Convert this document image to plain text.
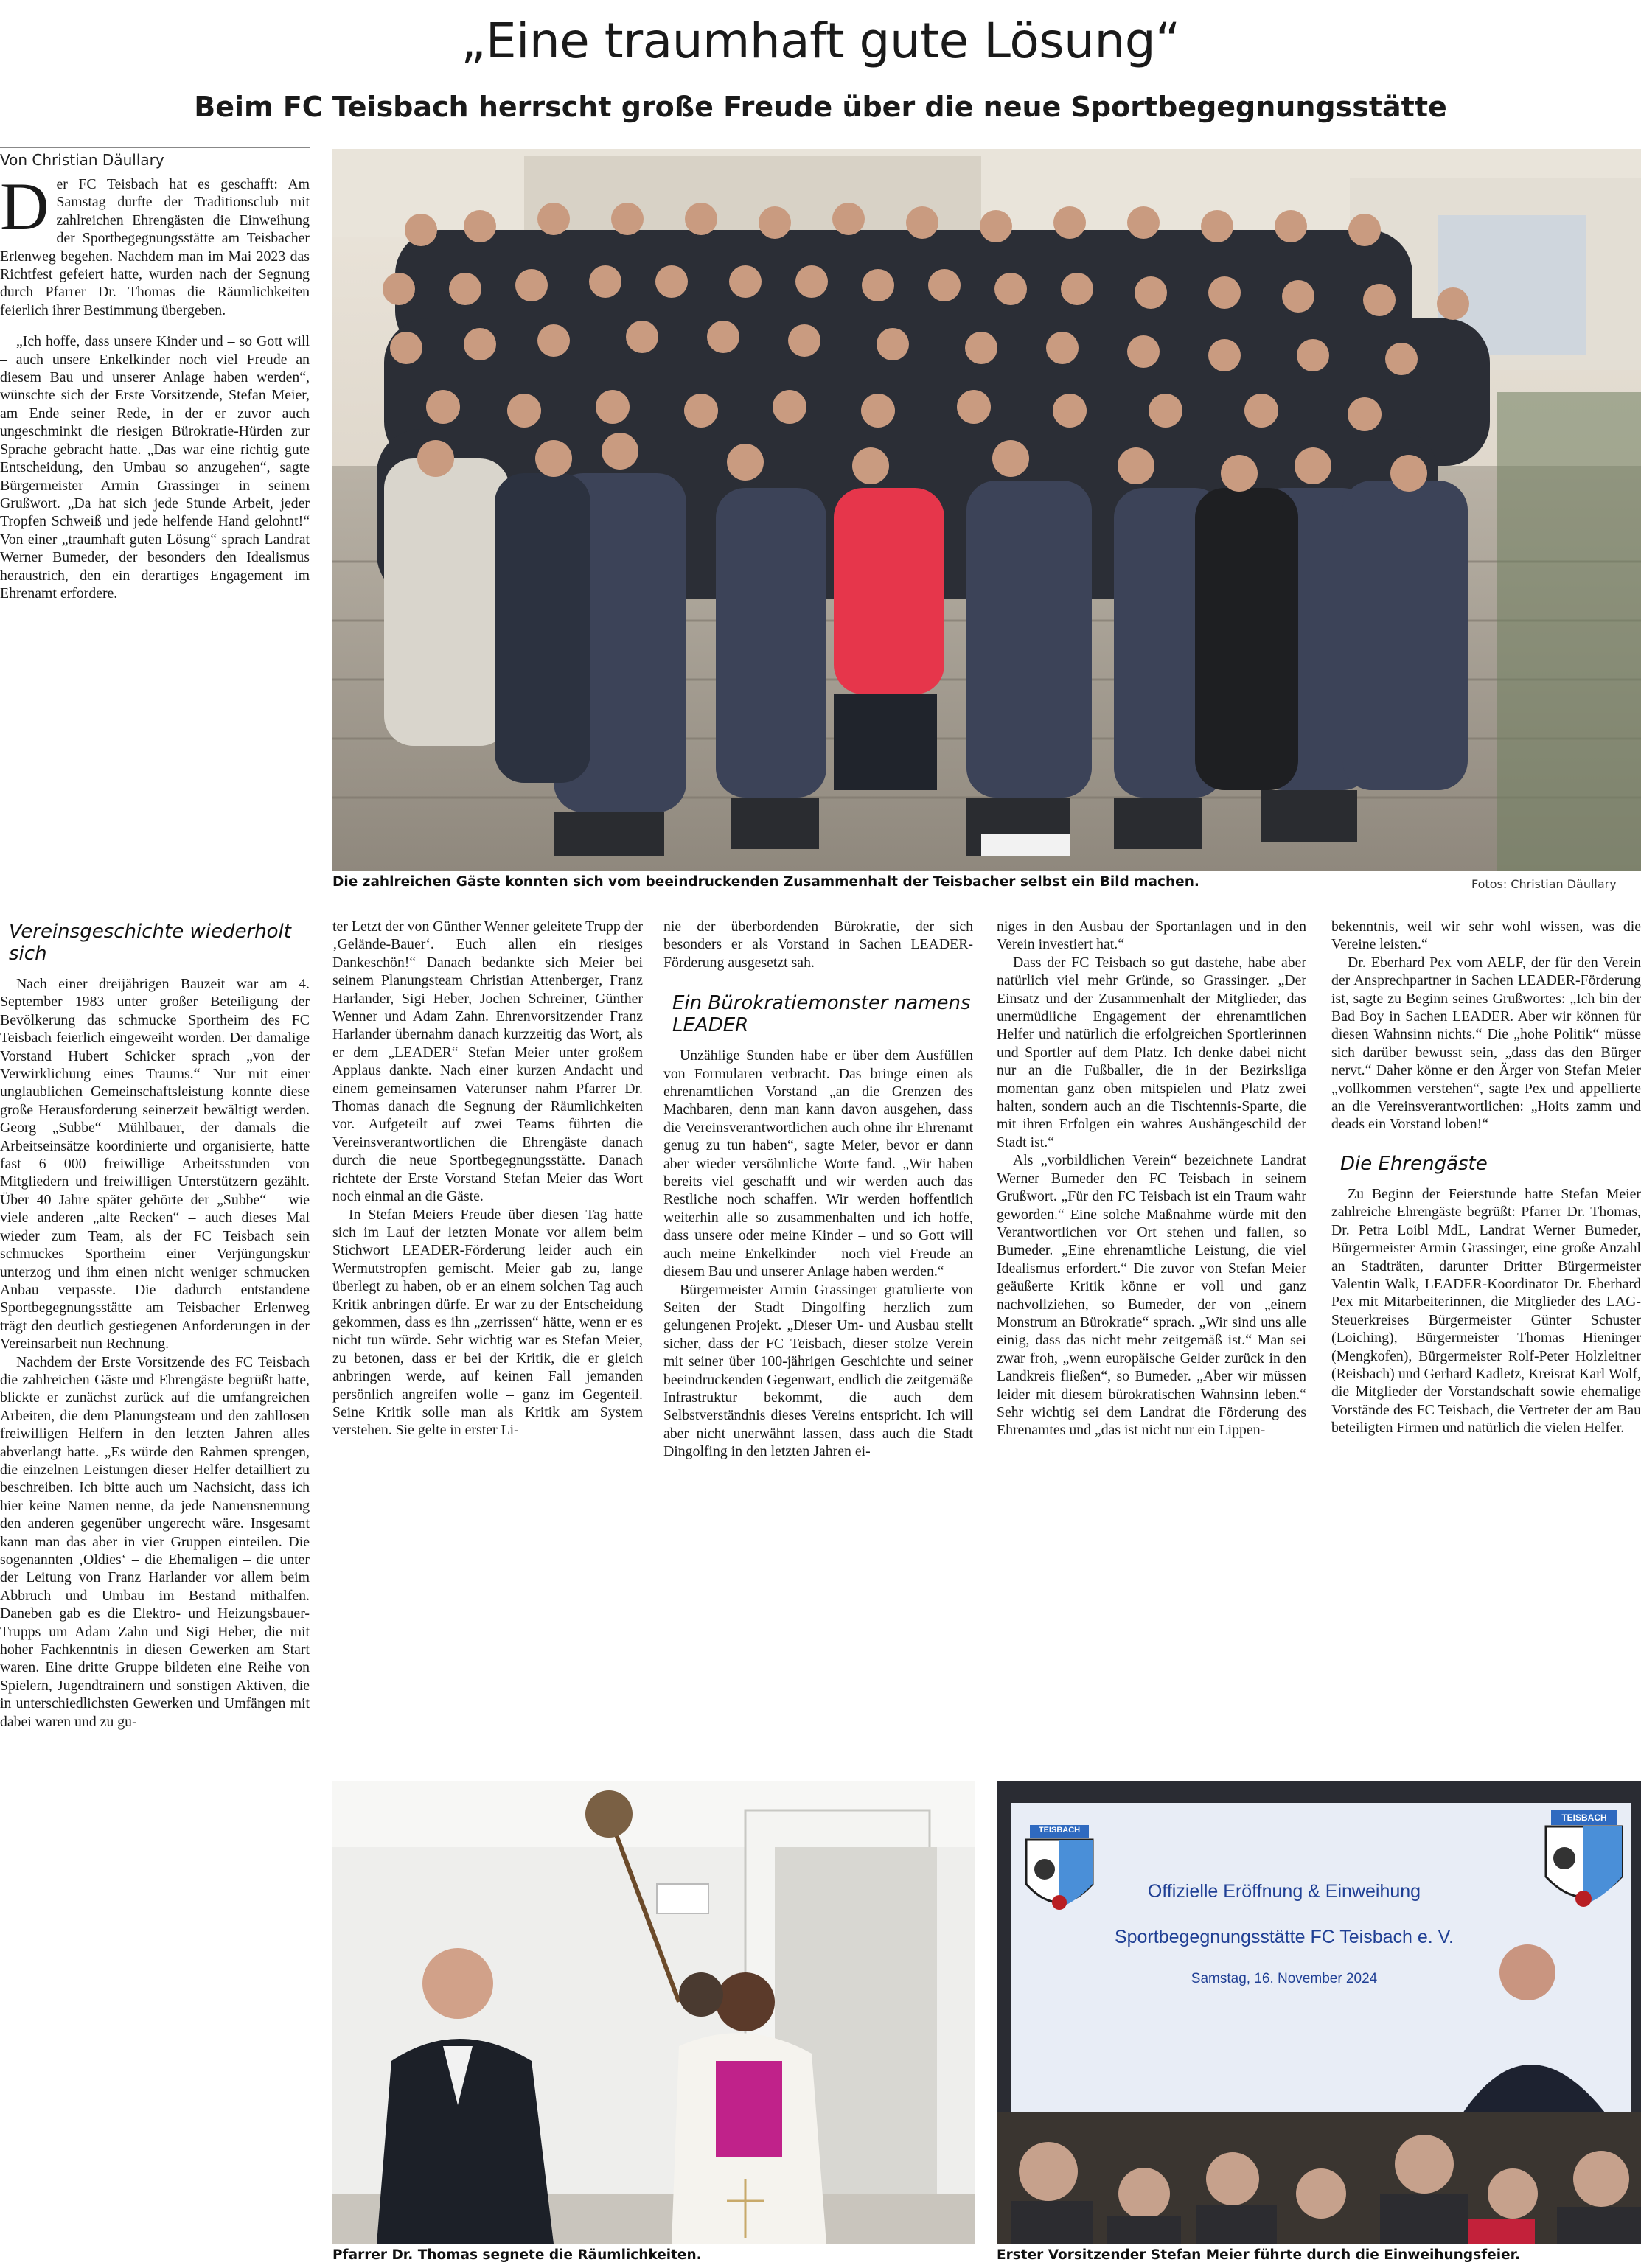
„Eine traumhaft gute Lösung“
Beim FC Teisbach herrscht große Freude über die neue Sportbegegnungsstätte
Von Christian Däullary
D er FC Teisbach hat es geschafft: Am Samstag durfte der Traditionsclub mit zahlreichen Ehrengästen die Einweihung der Sportbegegnungsstätte am Teisbacher Erlenweg begehen. Nachdem man im Mai 2023 das Richtfest gefeiert hatte, wurden nach der Segnung durch Pfarrer Dr. Thomas die Räumlichkeiten feierlich ihrer Bestimmung übergeben.

„Ich hoffe, dass unsere Kinder und – so Gott will – auch unsere Enkelkinder noch viel Freude an diesem Bau und unserer Anlage haben werden“, wünschte sich der Erste Vorsitzende, Stefan Meier, am Ende seiner Rede, in der er zuvor auch ungeschminkt die riesigen Bürokratie-Hürden zur Sprache gebracht hatte. „Das war eine richtig gute Entscheidung, den Umbau so anzugehen“, sagte Bürgermeister Armin Grassinger in seinem Grußwort. „Da hat sich jede Stunde Arbeit, jeder Tropfen Schweiß und jede helfende Hand gelohnt!“ Von einer „traumhaft guten Lösung“ sprach Landrat Werner Bumeder, der besonders den Idealismus heraustrich, den ein derartiges Engagement im Ehrenamt erfordere.

Die zahlreichen Gäste konnten sich vom beeindruckenden Zusammenhalt der Teisbacher selbst ein Bild machen.	Fotos: Christian Däullary
Vereinsgeschichte wiederholt sich

Nach einer dreijährigen Bauzeit war am 4. September 1983 unter großer Beteiligung der Bevölkerung das schmucke Sportheim des FC Teisbach feierlich eingeweiht worden. Der damalige Vorstand Hubert Schicker sprach „von der Verwirklichung eines Traums.“ Nur mit einer unglaublichen Gemeinschaftsleistung konnte diese große Herausforderung seinerzeit bewältigt werden. Georg „Subbe“ Mühlbauer, der damals die Arbeitseinsätze koordinierte und organisierte, hatte fast 6 000 freiwillige Arbeitsstunden von Mitgliedern und freiwilligen Unterstützern gezählt. Über 40 Jahre später gehörte der „Subbe“ – wie viele anderen „alte Recken“ – auch dieses Mal wieder zum Team, als der FC Teisbach sein schmuckes Sportheim einer Verjüngungskur unterzog und ihm einen nicht weniger schmucken Anbau verpasste. Die dadurch entstandene Sportbegegnungsstätte am Teisbacher Erlenweg trägt den deutlich gestiegenen Anforderungen in der Vereinsarbeit nun Rechnung.

Nachdem der Erste Vorsitzende des FC Teisbach die zahlreichen Gäste und Ehrengäste begrüßt hatte, blickte er zunächst zurück auf die umfangreichen Arbeiten, die dem Planungsteam und den zahllosen freiwilligen Helfern in den letzten Jahren alles abverlangt hatte. „Es würde den Rahmen sprengen, die einzelnen Leistungen dieser Helfer detailliert zu beschreiben. Ich bitte auch um Nachsicht, dass ich hier keine Namen nenne, da jede Namensnennung den anderen gegenüber ungerecht wäre. Insgesamt kann man das aber in vier Gruppen einteilen. Die sogenannten ‚Oldies‘ – die Ehemaligen – die unter der Leitung von Franz Harlander vor allem beim Abbruch und Umbau im Bestand mithalfen. Daneben gab es die Elektro- und Heizungsbauer-Trupps um Adam Zahn und Sigi Heber, die mit hoher Fachkenntnis in diesen Gewerken am Start waren. Eine dritte Gruppe bildeten eine Reihe von Spielern, Jugendtrainern und sonstigen Aktiven, die in unterschiedlichsten Gewerken und Umfängen mit dabei waren und zu gu-

ter Letzt der von Günther Wenner geleitete Trupp der ‚Gelände-Bauer‘. Euch allen ein riesiges Dankeschön!“ Danach bedankte sich Meier bei seinem Planungsteam Christian Attenberger, Franz Harlander, Sigi Heber, Jochen Schreiner, Günther Wenner und Adam Zahn. Ehrenvorsitzender Franz Harlander übernahm danach kurzzeitig das Wort, als er dem „LEADER“ Stefan Meier unter großem Applaus dankte. Nach einer kurzen Andacht und einem gemeinsamen Vaterunser nahm Pfarrer Dr. Thomas danach die Segnung der Räumlichkeiten vor. Aufgeteilt auf zwei Teams führten die Vereinsverantwortlichen die Ehrengäste danach durch die neue Sportbegegnungsstätte. Danach richtete der Erste Vorstand Stefan Meier das Wort noch einmal an die Gäste.

In Stefan Meiers Freude über diesen Tag hatte sich im Lauf der letzten Monate vor allem beim Stichwort LEADER-Förderung leider auch ein Wermutstropfen gemischt. Meier gab zu, lange überlegt zu haben, ob er an einem solchen Tag auch Kritik anbringen dürfe. Er war zu der Entscheidung gekommen, dass es ihn „zerrissen“ hätte, wenn er es nicht tun würde. Sehr wichtig war es Stefan Meier, zu betonen, dass er bei der Kritik, die er gleich anbringen werde, auf keinen Fall jemanden persönlich angreifen wolle – ganz im Gegenteil. Seine Kritik solle man als Kritik am System verstehen. Sie gelte in erster Li-

nie der überbordenden Bürokratie, der sich besonders er als Vorstand in Sachen LEADER-Förderung ausgesetzt sah.

Ein Bürokratiemonster namens LEADER

Unzählige Stunden habe er über dem Ausfüllen von Formularen verbracht. Das bringe einen als ehrenamtlichen Vorstand „an die Grenzen des Machbaren, denn man kann davon ausgehen, dass die Vereinsverantwortlichen auch ohne ihr Ehrenamt genug zu tun haben“, sagte Meier, bevor er dann aber wieder versöhnliche Worte fand. „Wir haben bereits viel geschafft und wir werden auch das Restliche noch schaffen. Wir werden hoffentlich weiterhin alle so zusammenhalten und ich hoffe, dass unsere oder meine Kinder – und so Gott will auch meine Enkelkinder – noch viel Freude an diesem Bau und unserer Anlage haben werden.“

Bürgermeister Armin Grassinger gratulierte von Seiten der Stadt Dingolfing herzlich zum gelungenen Projekt. „Dieser Um- und Ausbau stellt sicher, dass der FC Teisbach, dieser stolze Verein mit seiner über 100-jährigen Geschichte und seiner beeindruckenden Gegenwart, endlich die zeitgemäße Infrastruktur bekommt, die auch dem Selbstverständnis dieses Vereins entspricht. Ich will aber nicht unerwähnt lassen, dass auch die Stadt Dingolfing in den letzten Jahren ei-

niges in den Ausbau der Sportanlagen und in den Verein investiert hat.“

Dass der FC Teisbach so gut dastehe, habe aber natürlich viel mehr Gründe, so Grassinger. „Der Einsatz und der Zusammenhalt der Mitglieder, das unermüdliche Engagement der ehrenamtlichen Helfer und natürlich die erfolgreichen Sportlerinnen und Sportler auf dem Platz. Ich denke dabei nicht nur an die Fußballer, die in der Bezirksliga momentan ganz oben mitspielen und Platz zwei halten, sondern auch an die Tischtennis-Sparte, die mit ihren Erfolgen ein wahres Aushängeschild der Stadt ist.“

Als „vorbildlichen Verein“ bezeichnete Landrat Werner Bumeder den FC Teisbach in seinem Grußwort. „Für den FC Teisbach ist ein Traum wahr geworden.“ Eine solche Maßnahme würde mit den Verantwortlichen vor Ort stehen und fallen, so Bumeder. „Eine ehrenamtliche Leistung, die viel Idealismus erfordert.“ Die zuvor von Stefan Meier geäußerte Kritik könne er voll und ganz nachvollziehen, so Bumeder, der von „einem Monstrum an Bürokratie“ sprach. „Wir sind uns alle einig, dass das nicht mehr zeitgemäß ist.“ Man sei zwar froh, „wenn europäische Gelder zurück in den Landkreis fließen“, so Bumeder. „Aber wir müssen leider mit diesem bürokratischen Wahnsinn leben.“ Sehr wichtig sei dem Landrat die Förderung des Ehrenamtes und „das ist nicht nur ein Lippen-

bekenntnis, weil wir sehr wohl wissen, was die Vereine leisten.“

Dr. Eberhard Pex vom AELF, der für den Verein der Ansprechpartner in Sachen LEADER-Förderung ist, sagte zu Beginn seines Grußwortes: „Ich bin der Bad Boy in Sachen LEADER. Aber wir können für diesen Wahnsinn nichts.“ Die „hohe Politik“ müsse sich darüber bewusst sein, „dass das den Bürger nervt.“ Daher könne er den Ärger von Stefan Meier „vollkommen verstehen“, sagte Pex und appellierte an die Vereinsverantwortlichen: „Hoits zamm und deads ein Vorstand loben!“

Die Ehrengäste

Zu Beginn der Feierstunde hatte Stefan Meier zahlreiche Ehrengäste begrüßt: Pfarrer Dr. Thomas, Dr. Petra Loibl MdL, Landrat Werner Bumeder, Bürgermeister Armin Grassinger, eine große Anzahl an Stadträten, darunter Dritter Bürgermeister Valentin Walk, LEADER-Koordinator Dr. Eberhard Pex mit Mitarbeiterinnen, die Mitglieder des LAG-Steuerkreises Bürgermeister Günter Schuster (Loiching), Bürgermeister Thomas Hieninger (Mengkofen), Bürgermeister Rolf-Peter Holzleitner (Reisbach) und Gerhard Kadletz, Kreisrat Karl Wolf, die Mitglieder der Vorstandschaft sowie ehemalige Vorstände des FC Teisbach, die Vertreter der am Bau beteiligten Firmen und natürlich die vielen Helfer.

Pfarrer Dr. Thomas segnete die Räumlichkeiten.
Offizielle Eröffnung & Einweihung
Sportbegegnungsstätte FC Teisbach e. V.
Samstag, 16. November 2024
TEISBACH
TEISBACH
Erster Vorsitzender Stefan Meier führte durch die Einweihungsfeier.
